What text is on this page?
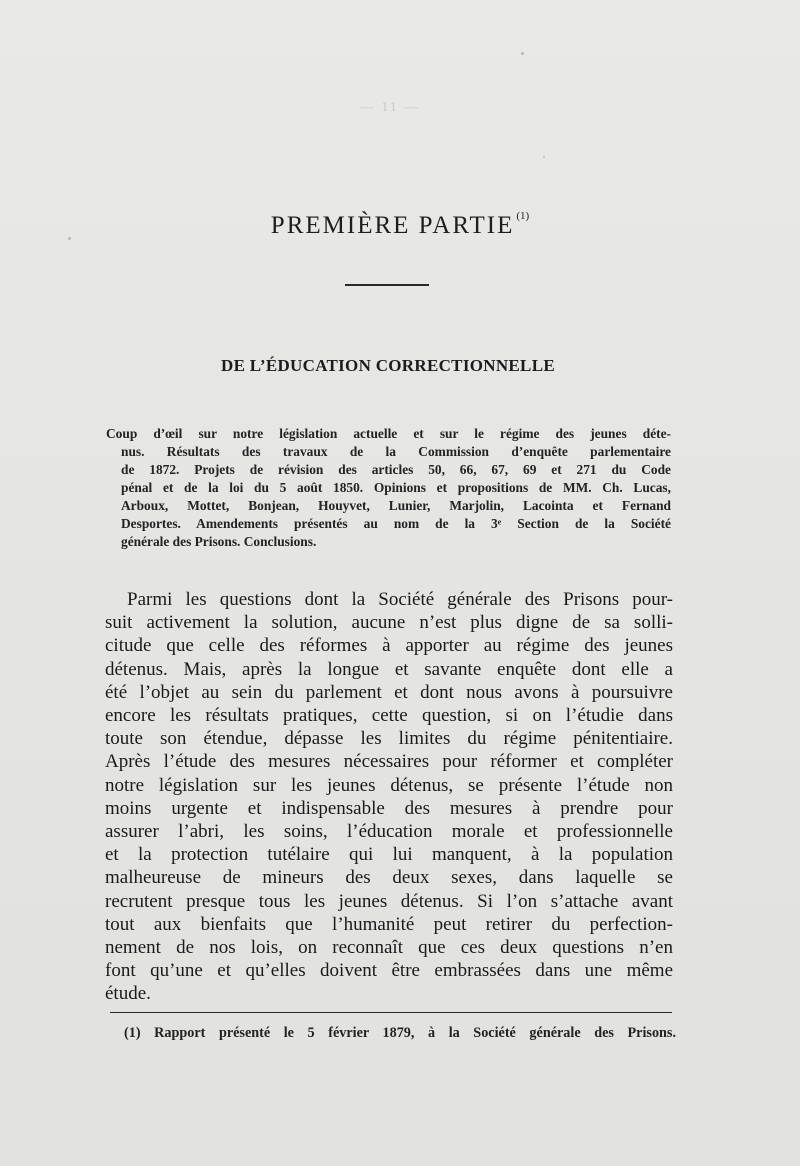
— 11 —
PREMIÈRE PARTIE $^{(1)}$
DE L’ÉDUCATION CORRECTIONNELLE
Coup d’œil sur notre législation actuelle et sur le régime des jeunes déte-
nus. Résultats des travaux de la Commission d’enquête parlementaire
de 1872. Projets de révision des articles 50, 66, 67, 69 et 271 du Code
pénal et de la loi du 5 août 1850. Opinions et propositions de MM. Ch. Lucas,
Arboux, Mottet, Bonjean, Houyvet, Lunier, Marjolin, Lacointa et Fernand
Desportes. Amendements présentés au nom de la 3ᵉ Section de la Société
générale des Prisons. Conclusions.
Parmi les questions dont la Société générale des Prisons pour-
suit activement la solution, aucune n’est plus digne de sa solli-
citude que celle des réformes à apporter au régime des jeunes
détenus. Mais, après la longue et savante enquête dont elle a
été l’objet au sein du parlement et dont nous avons à poursuivre
encore les résultats pratiques, cette question, si on l’étudie dans
toute son étendue, dépasse les limites du régime pénitentiaire.
Après l’étude des mesures nécessaires pour réformer et compléter
notre législation sur les jeunes détenus, se présente l’étude non
moins urgente et indispensable des mesures à prendre pour
assurer l’abri, les soins, l’éducation morale et professionnelle
et la protection tutélaire qui lui manquent, à la population
malheureuse de mineurs des deux sexes, dans laquelle se
recrutent presque tous les jeunes détenus. Si l’on s’attache avant
tout aux bienfaits que l’humanité peut retirer du perfection-
nement de nos lois, on reconnaît que ces deux questions n’en
font qu’une et qu’elles doivent être embrassées dans une même
étude.
(1) Rapport présenté le 5 février 1879, à la Société générale des Prisons.
